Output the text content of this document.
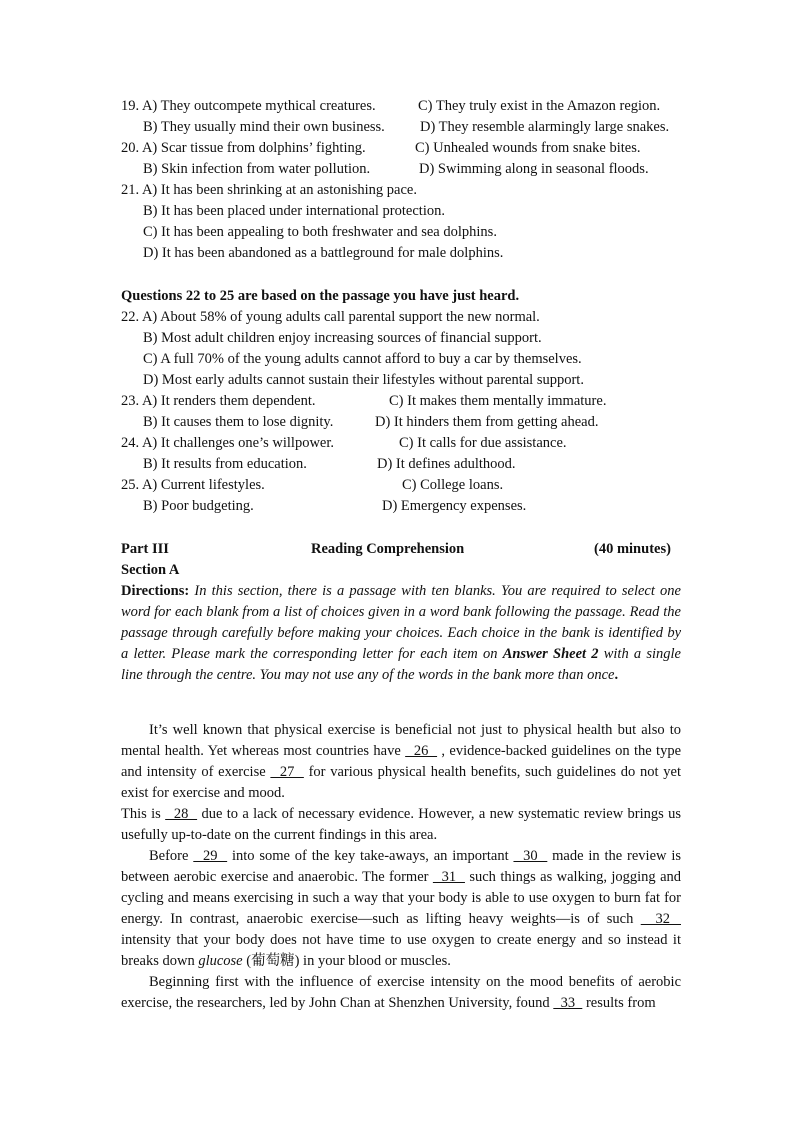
19. A) They outcompete mythical creatures.	C) They truly exist in the Amazon region.
B) They usually mind their own business. D) They resemble alarmingly large snakes.
20. A) Scar tissue from dolphins’ fighting.	C) Unhealed wounds from snake bites.
B) Skin infection from water pollution.	D) Swimming along in seasonal floods.
21. A) It has been shrinking at an astonishing pace.
B) It has been placed under international protection.
C) It has been appealing to both freshwater and sea dolphins.
D) It has been abandoned as a battleground for male dolphins.
Questions 22 to 25 are based on the passage you have just heard.
22. A) About 58% of young adults call parental support the new normal.
B) Most adult children enjoy increasing sources of financial support.
C) A full 70% of the young adults cannot afford to buy a car by themselves.
D) Most early adults cannot sustain their lifestyles without parental support.
23. A) It renders them dependent.	C) It makes them mentally immature.
B) It causes them to lose dignity.	D) It hinders them from getting ahead.
24. A) It challenges one’s willpower.	C) It calls for due assistance.
B) It results from education.	D) It defines adulthood.
25. A) Current lifestyles.	C) College loans.
B) Poor budgeting.	D) Emergency expenses.
Part III	Reading Comprehension	(40 minutes)
Section A
Directions: In this section, there is a passage with ten blanks. You are required to select one word for each blank from a list of choices given in a word bank following the passage. Read the passage through carefully before making your choices. Each choice in the bank is identified by a letter. Please mark the corresponding letter for each item on Answer Sheet 2 with a single line through the centre. You may not use any of the words in the bank more than once.

It’s well known that physical exercise is beneficial not just to physical health but also to mental health. Yet whereas most countries have   26   , evidence-backed guidelines on the type and intensity of exercise   27   for various physical health benefits, such guidelines do not yet exist for exercise and mood.

This is   28   due to a lack of necessary evidence. However, a new systematic review brings us usefully up-to-date on the current findings in this area.

Before   29   into some of the key take-aways, an important   30   made in the review is between aerobic exercise and anaerobic. The former   31   such things as walking, jogging and cycling and means exercising in such a way that your body is able to use oxygen to burn fat for energy. In contrast, anaerobic exercise—such as lifting heavy weights—is of such   32   intensity that your body does not have time to use oxygen to create energy and so instead it breaks down glucose (葡萄糖) in your blood or muscles.

Beginning first with the influence of exercise intensity on the mood benefits of aerobic exercise, the researchers, led by John Chan at Shenzhen University, found   33   results from
